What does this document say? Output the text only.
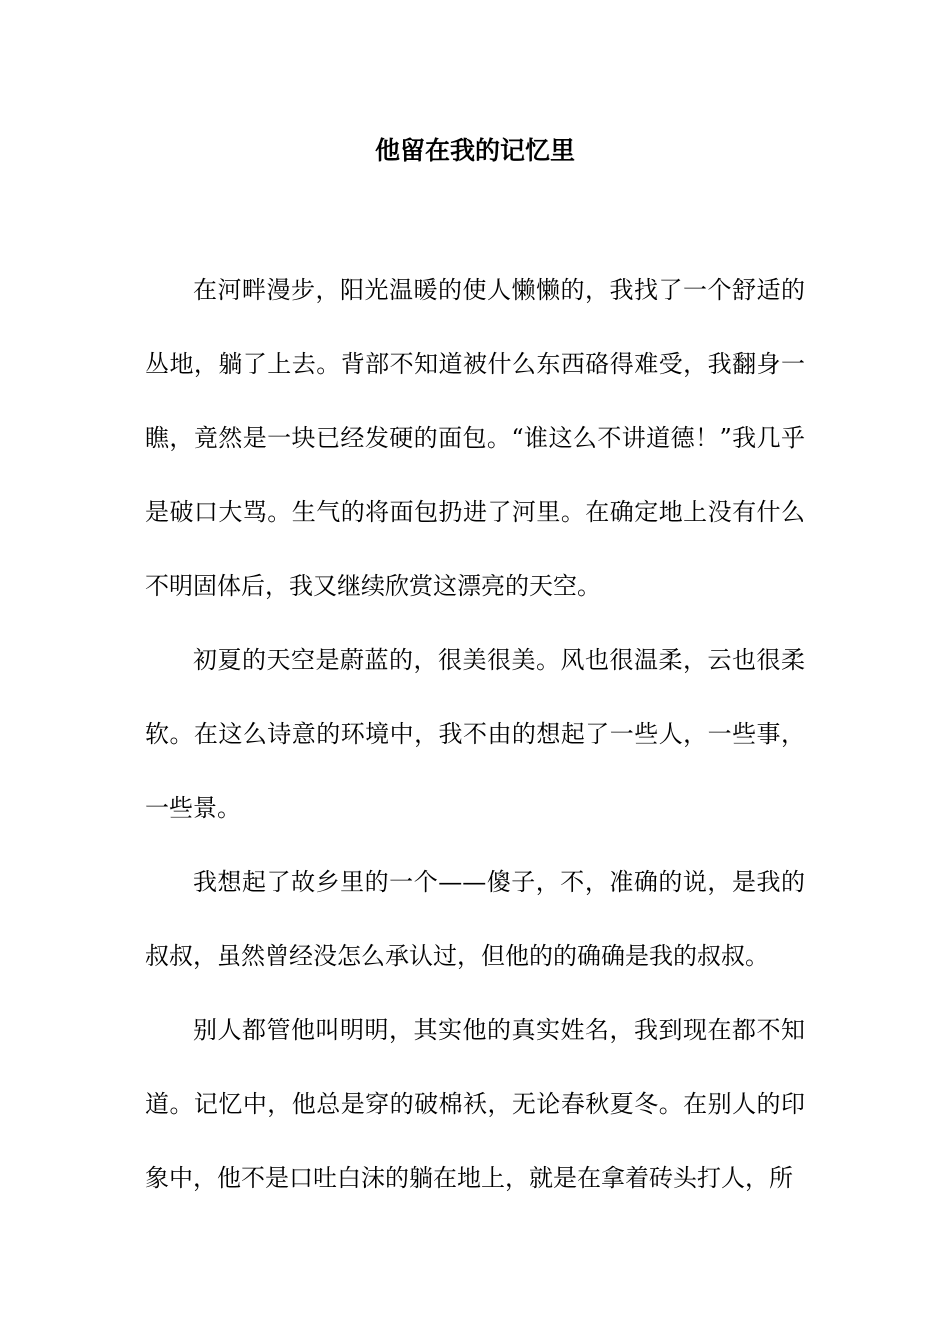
他留在我的记忆里

在河畔漫步，阳光温暖的使人懒懒的，我找了一个舒适的丛地，躺了上去。背部不知道被什么东西硌得难受，我翻身一瞧，竟然是一块已经发硬的面包。“谁这么不讲道德！”我几乎是破口大骂。生气的将面包扔进了河里。在确定地上没有什么不明固体后，我又继续欣赏这漂亮的天空。

初夏的天空是蔚蓝的，很美很美。风也很温柔，云也很柔软。在这么诗意的环境中，我不由的想起了一些人，一些事，一些景。

我想起了故乡里的一个——傻子，不，准确的说，是我的叔叔，虽然曾经没怎么承认过，但他的的确确是我的叔叔。

别人都管他叫明明，其实他的真实姓名，我到现在都不知道。记忆中，他总是穿的破棉袄，无论春秋夏冬。在别人的印象中，他不是口吐白沫的躺在地上，就是在拿着砖头打人，所
